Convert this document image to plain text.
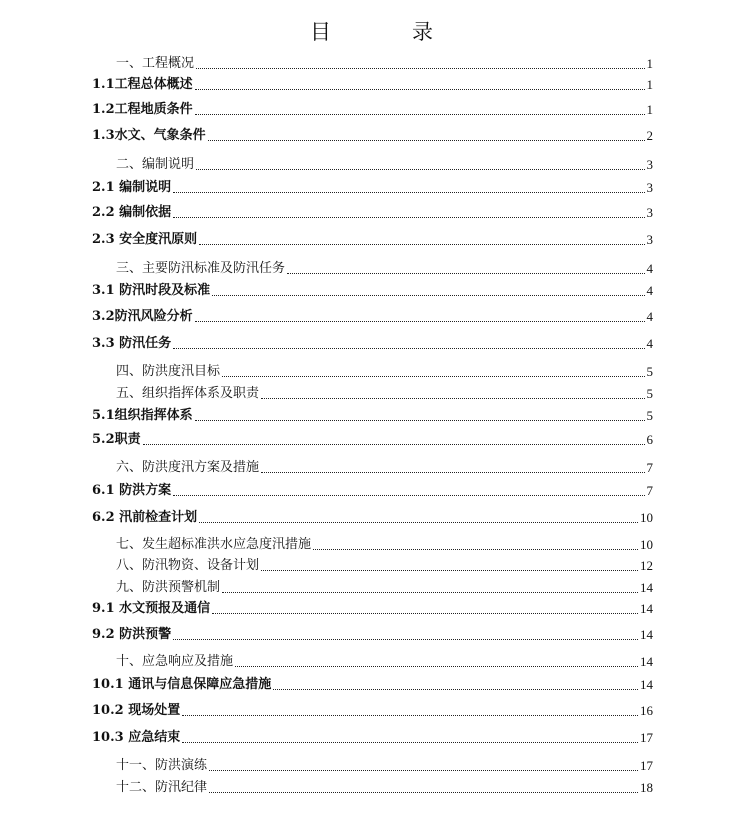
目　录
一、工程概况	1
1.1工程总体概述	1
1.2工程地质条件	1
1.3水文、气象条件	2
二、编制说明	3
2.1 编制说明	3
2.2 编制依据	3
2.3 安全度汛原则	3
三、主要防汛标准及防汛任务	4
3.1 防汛时段及标准	4
3.2防汛风险分析	4
3.3 防汛任务	4
四、防洪度汛目标	5
五、组织指挥体系及职责	5
5.1组织指挥体系	5
5.2职责	6
六、防洪度汛方案及措施	7
6.1 防洪方案	7
6.2 汛前检查计划	10
七、发生超标准洪水应急度汛措施	10
八、防汛物资、设备计划	12
九、防洪预警机制	14
9.1 水文预报及通信	14
9.2 防洪预警	14
十、应急响应及措施	14
10.1 通讯与信息保障应急措施	14
10.2 现场处置	16
10.3 应急结束	17
十一、防洪演练	17
十二、防汛纪律	18
